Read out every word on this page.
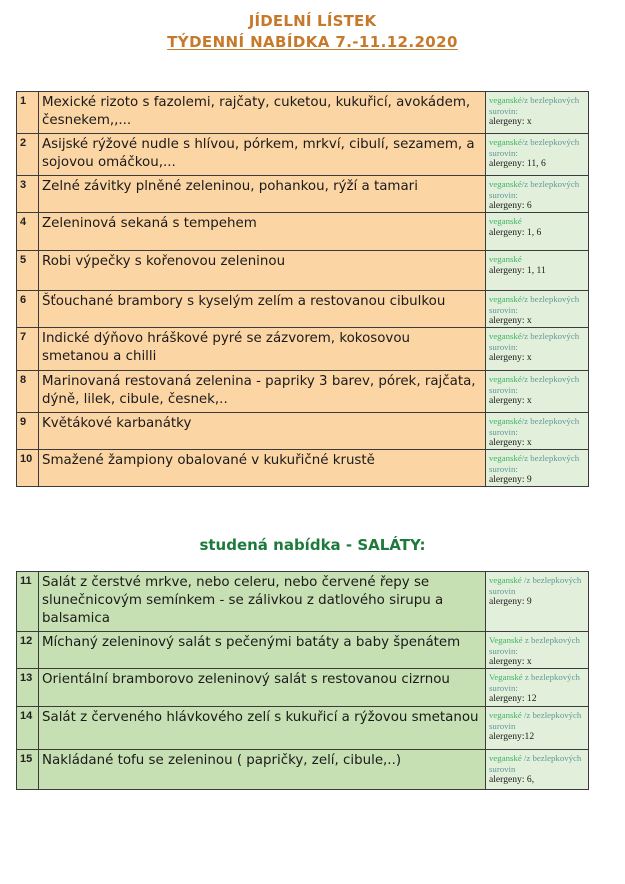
JÍDELNÍ LÍSTEK
TÝDENNÍ NABÍDKA 7.-11.12.2020
1	Mexické rizoto s fazolemi, rajčaty, cuketou, kukuřicí, avokádem, česnekem,,...	veganské/z bezlepkových surovin:
alergeny: x

2	Asijské rýžové nudle s hlívou, pórkem, mrkví, cibulí, sezamem, a sojovou omáčkou,...	veganské/z bezlepkových surovin:
alergeny: 11, 6

3	Zelné závitky plněné zeleninou, pohankou, rýží a tamari	veganské/z bezlepkových surovin:
alergeny: 6

4	Zeleninová sekaná s tempehem	veganské
alergeny: 1, 6

5	Robi výpečky s kořenovou zeleninou	veganské
alergeny: 1, 11

6	Šťouchané brambory s kyselým zelím a restovanou cibulkou	veganské/z bezlepkových surovin:
alergeny: x

7	Indické dýňovo hráškové pyré se zázvorem, kokosovou smetanou a chilli	veganské/z bezlepkových surovin:
alergeny: x

8	Marinovaná restovaná zelenina - papriky 3 barev, pórek, rajčata, dýně, lilek, cibule, česnek,..	veganské/z bezlepkových surovin:
alergeny: x

9	Květákové karbanátky	veganské/z bezlepkových surovin:
alergeny: x

10	Smažené žampiony obalované v kukuřičné krustě	veganské/z bezlepkových surovin:
alergeny: 9
studená nabídka - SALÁTY:
11	Salát z čerstvé mrkve, nebo celeru, nebo červené řepy se slunečnicovým semínkem - se zálivkou z datlového sirupu a balsamica	veganské /z bezlepkových surovin
alergeny: 9

12	Míchaný zeleninový salát s pečenými batáty a baby špenátem	Veganské z bezlepkových surovin:
alergeny: x

13	Orientální bramborovo zeleninový salát s restovanou cizrnou	Veganské z bezlepkových surovin:
alergeny: 12

14	Salát z červeného hlávkového zelí s kukuřicí a rýžovou smetanou	veganské /z bezlepkových surovin
alergeny:12

15	Nakládané tofu se zeleninou ( papričky, zelí, cibule,..)	veganské /z bezlepkových surovin
alergeny: 6,
